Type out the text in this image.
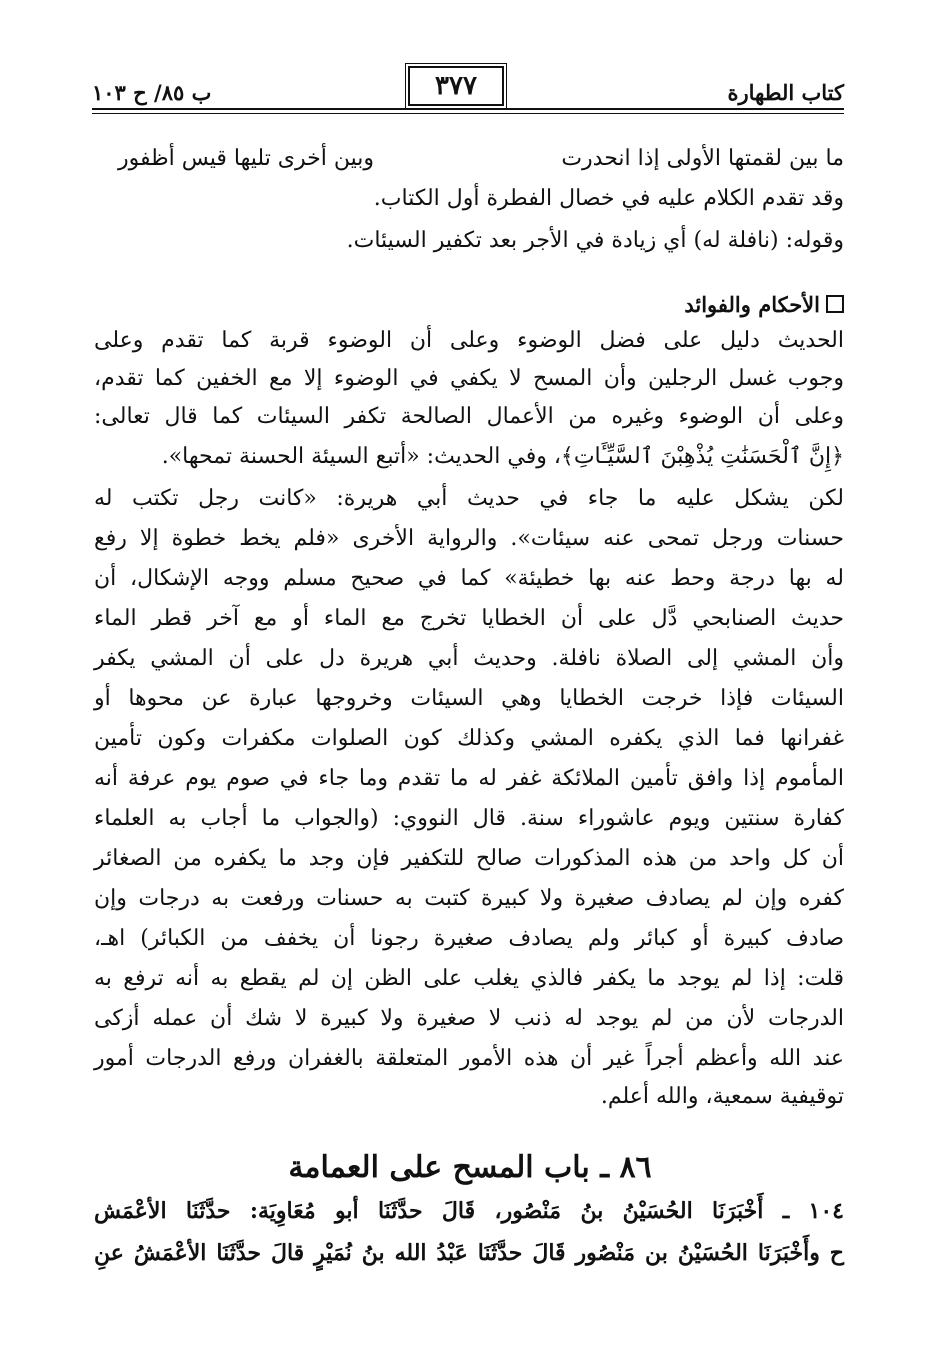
كتاب الطهارة
٣٧٧
ب ٨٥/ ح ١٠٣
ما بين لقمتها الأولى إذا انحدرت
وبين أخرى تليها قيس أظفور
وقد تقدم الكلام عليه في خصال الفطرة أول الكتاب.
وقوله: (نافلة له) أي زيادة في الأجر بعد تكفير السيئات.
الأحكام والفوائد
الحديث دليل على فضل الوضوء وعلى أن الوضوء قربة كما تقدم وعلى
وجوب غسل الرجلين وأن المسح لا يكفي في الوضوء إلا مع الخفين كما تقدم،
وعلى أن الوضوء وغيره من الأعمال الصالحة تكفر السيئات كما قال تعالى:
﴿إِنَّ ٱلْحَسَنَٰتِ يُذْهِبْنَ ٱلسَّيِّـَٔاتِ﴾، وفي الحديث: «أتبع السيئة الحسنة تمحها».
لكن يشكل عليه ما جاء في حديث أبي هريرة: «كانت رجل تكتب له
حسنات ورجل تمحى عنه سيئات». والرواية الأخرى «فلم يخط خطوة إلا رفع
له بها درجة وحط عنه بها خطيئة» كما في صحيح مسلم ووجه الإشكال، أن
حديث الصنابحي دَّل على أن الخطايا تخرج مع الماء أو مع آخر قطر الماء
وأن المشي إلى الصلاة نافلة. وحديث أبي هريرة دل على أن المشي يكفر
السيئات فإذا خرجت الخطايا وهي السيئات وخروجها عبارة عن محوها أو
غفرانها فما الذي يكفره المشي وكذلك كون الصلوات مكفرات وكون تأمين
المأموم إذا وافق تأمين الملائكة غفر له ما تقدم وما جاء في صوم يوم عرفة أنه
كفارة سنتين ويوم عاشوراء سنة. قال النووي: (والجواب ما أجاب به العلماء
أن كل واحد من هذه المذكورات صالح للتكفير فإن وجد ما يكفره من الصغائر
كفره وإن لم يصادف صغيرة ولا كبيرة كتبت به حسنات ورفعت به درجات وإن
صادف كبيرة أو كبائر ولم يصادف صغيرة رجونا أن يخفف من الكبائر) اهـ،
قلت: إذا لم يوجد ما يكفر فالذي يغلب على الظن إن لم يقطع به أنه ترفع به
الدرجات لأن من لم يوجد له ذنب لا صغيرة ولا كبيرة لا شك أن عمله أزكى
عند الله وأعظم أجراً غير أن هذه الأمور المتعلقة بالغفران ورفع الدرجات أمور
توقيفية سمعية، والله أعلم.
٨٦ ـ باب المسح على العمامة
١٠٤ ـ أَخْبَرَنَا الحُسَيْنُ بنُ مَنْصُور، قَالَ حدَّثَنَا أبو مُعَاوِيَة: حدَّثَنَا الأعْمَش
ح وأَخْبَرَنَا الحُسَيْنُ بن مَنْصُور قَالَ حدَّثَنَا عَبْدُ الله بنُ نُمَيْرٍ قالَ حدَّثَنَا الأعْمَشُ عنِ
